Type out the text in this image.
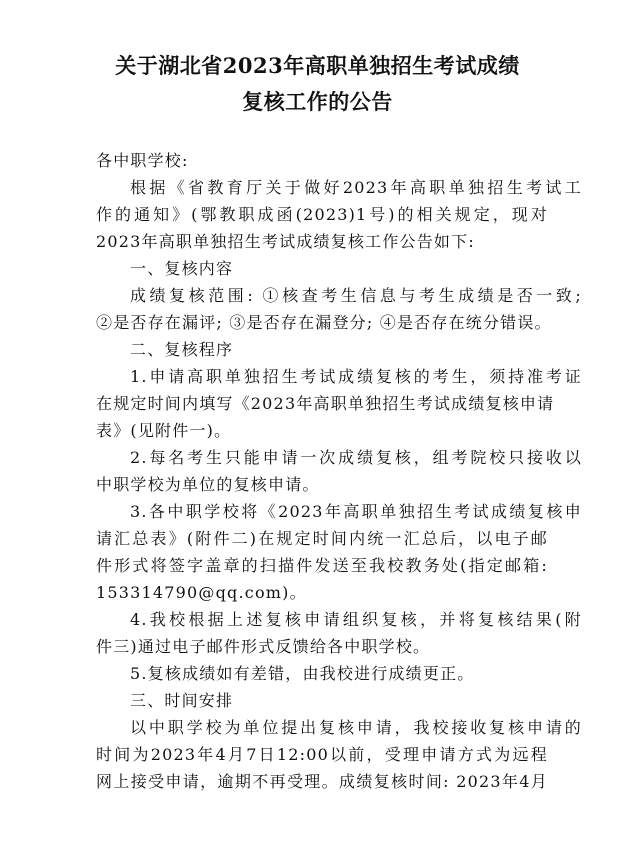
关于湖北省2023年高职单独招生考试成绩
复核工作的公告
各中职学校:
根据《省教育厅关于做好2023年高职单独招生考试工
作的通知》(鄂教职成函(2023)1号)的相关规定，现对
2023年高职单独招生考试成绩复核工作公告如下:
一、复核内容
成绩复核范围: ①核查考生信息与考生成绩是否一致;
②是否存在漏评; ③是否存在漏登分; ④是否存在统分错误。
二、复核程序
1.申请高职单独招生考试成绩复核的考生，须持准考证
在规定时间内填写《2023年高职单独招生考试成绩复核申请
表》(见附件一)。
2.每名考生只能申请一次成绩复核，组考院校只接收以
中职学校为单位的复核申请。
3.各中职学校将《2023年高职单独招生考试成绩复核申
请汇总表》(附件二)在规定时间内统一汇总后，以电子邮
件形式将签字盖章的扫描件发送至我校教务处(指定邮箱:
153314790@qq.com)。
4.我校根据上述复核申请组织复核，并将复核结果(附
件三)通过电子邮件形式反馈给各中职学校。
5.复核成绩如有差错，由我校进行成绩更正。
三、时间安排
以中职学校为单位提出复核申请，我校接收复核申请的
时间为2023年4月7日12:00以前，受理申请方式为远程
网上接受申请，逾期不再受理。成绩复核时间: 2023年4月
